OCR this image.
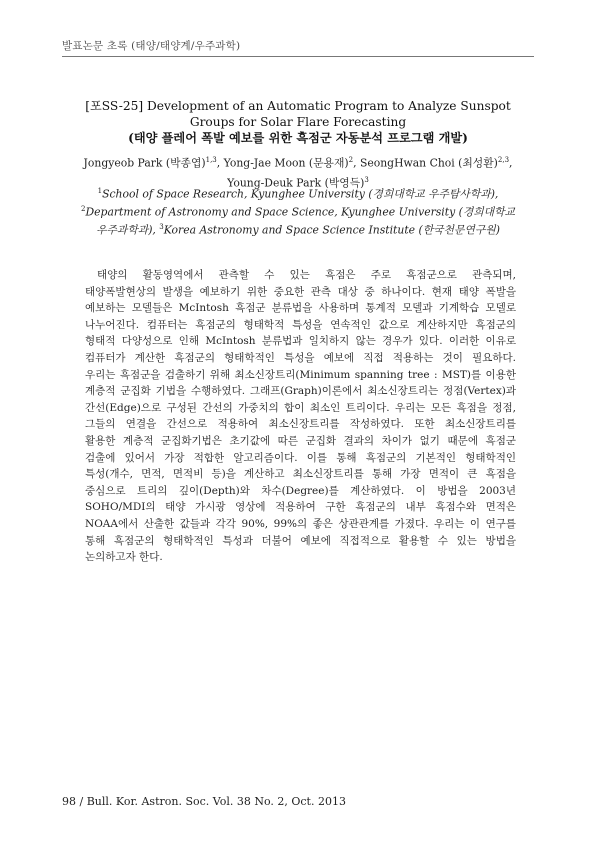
발표논문 초록 (태양/태양계/우주과학)
[포SS-25] Development of an Automatic Program to Analyze Sunspot
Groups for Solar Flare Forecasting
(태양 플레어 폭발 예보를 위한 흑점군 자동분석 프로그램 개발)
Jongyeob Park (박종엽)$^{1,3}$, Yong-Jae Moon (문용재)$^2$, SeongHwan Choi (최성환)$^{2,3}$,
Young-Deuk Park (박영득)$^3$
$^1$School of Space Research, Kyunghee University (경희대학교 우주탐사학과),
$^2$Department of Astronomy and Space Science, Kyunghee University (경희대학교
우주과학과), $^3$Korea Astronomy and Space Science Institute (한국천문연구원)
태양의 활동영역에서 관측할 수 있는 흑점은 주로 흑점군으로 관측되며,
태양폭발현상의 발생을 예보하기 위한 중요한 관측 대상 중 하나이다. 현재 태양 폭발을
예보하는 모델들은 McIntosh 흑점군 분류법을 사용하며 통계적 모델과 기계학습 모델로
나누어진다. 컴퓨터는 흑점군의 형태학적 특성을 연속적인 값으로 계산하지만 흑점군의
형태적 다양성으로 인해 McIntosh 분류법과 일치하지 않는 경우가 있다. 이러한 이유로
컴퓨터가 계산한 흑점군의 형태학적인 특성을 예보에 직접 적용하는 것이 필요하다.
우리는 흑점군을 검출하기 위해 최소신장트리(Minimum spanning tree : MST)를 이용한
계층적 군집화 기법을 수행하였다. 그래프(Graph)이론에서 최소신장트리는 정점(Vertex)과
간선(Edge)으로 구성된 간선의 가중치의 합이 최소인 트리이다. 우리는 모든 흑점을 정점,
그들의 연결을 간선으로 적용하여 최소신장트리를 작성하였다. 또한 최소신장트리를
활용한 계층적 군집화기법은 초기값에 따른 군집화 결과의 차이가 없기 때문에 흑점군
검출에 있어서 가장 적합한 알고리즘이다. 이를 통해 흑점군의 기본적인 형태학적인
특성(개수, 면적, 면적비 등)을 계산하고 최소신장트리를 통해 가장 면적이 큰 흑점을
중심으로 트리의 깊이(Depth)와 차수(Degree)를 계산하였다. 이 방법을 2003년
SOHO/MDI의 태양 가시광 영상에 적용하여 구한 흑점군의 내부 흑점수와 면적은
NOAA에서 산출한 값들과 각각 90%, 99%의 좋은 상관관계를 가졌다. 우리는 이 연구를
통해 흑점군의 형태학적인 특성과 더불어 예보에 직접적으로 활용할 수 있는 방법을
논의하고자 한다.
98 / Bull. Kor. Astron. Soc. Vol. 38 No. 2, Oct. 2013
